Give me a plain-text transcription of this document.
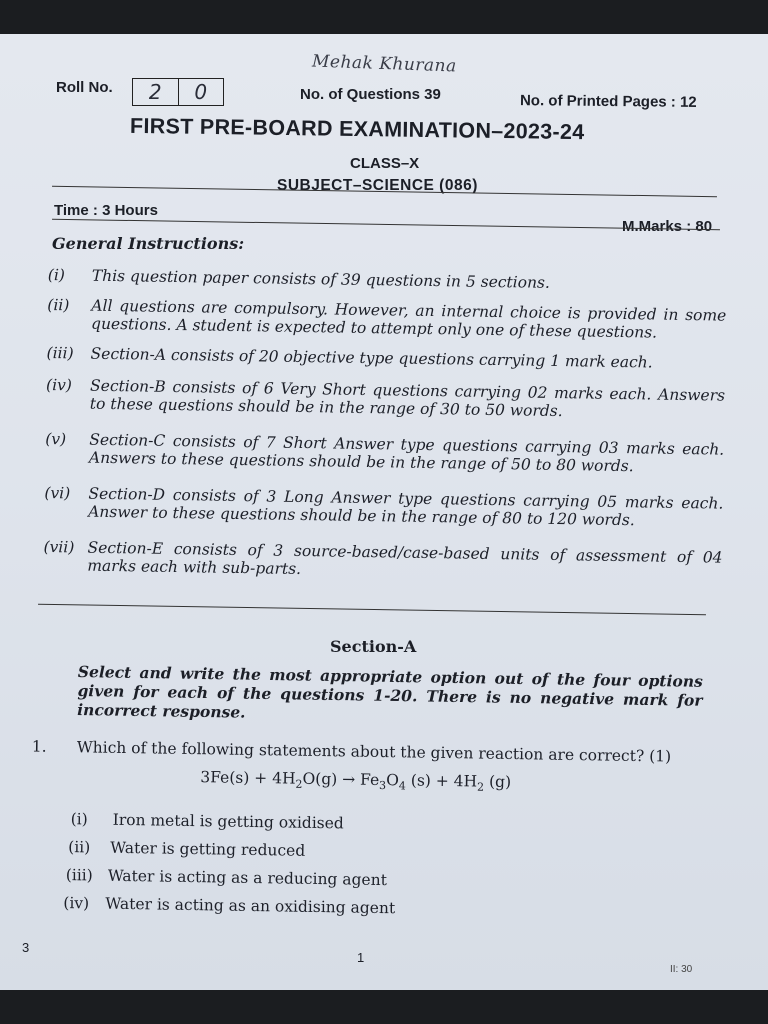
Mehak Khurana
Roll No.	2	0	No. of Questions 39	No. of Printed Pages : 12
FIRST PRE-BOARD EXAMINATION–2023-24
CLASS–X
SUBJECT–SCIENCE (086)
Time : 3 Hours
M.Marks : 80
General Instructions:
(i) This question paper consists of 39 questions in 5 sections.
(ii) All questions are compulsory. However, an internal choice is provided in some questions. A student is expected to attempt only one of these questions.
(iii) Section-A consists of 20 objective type questions carrying 1 mark each.
(iv) Section-B consists of 6 Very Short questions carrying 02 marks each. Answers to these questions should be in the range of 30 to 50 words.
(v) Section-C consists of 7 Short Answer type questions carrying 03 marks each. Answers to these questions should be in the range of 50 to 80 words.
(vi) Section-D consists of 3 Long Answer type questions carrying 05 marks each. Answer to these questions should be in the range of 80 to 120 words.
(vii) Section-E consists of 3 source-based/case-based units of assessment of 04 marks each with sub-parts.
Section-A
Select and write the most appropriate option out of the four options given for each of the questions 1-20. There is no negative mark for incorrect response.
1. Which of the following statements about the given reaction are correct? (1)
$3Fe(s) + 4H_2O(g) \to Fe_3O_4$ $(s) + 4H_2$ (g)
(i) Iron metal is getting oxidised
(ii) Water is getting reduced
(iii) Water is acting as a reducing agent
(iv) Water is acting as an oxidising agent
3
1
II: 30
